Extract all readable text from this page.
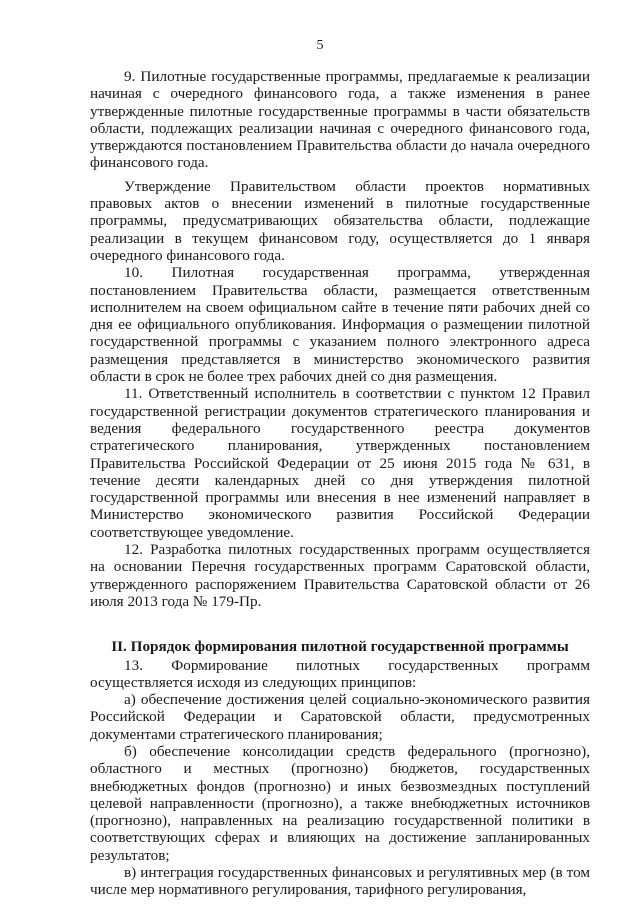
5

9. Пилотные государственные программы, предлагаемые к реализации начиная с очередного финансового года, а также изменения в ранее утвержденные пилотные государственные программы в части обязательств области, подлежащих реализации начиная с очередного финансового года, утверждаются постановлением Правительства области до начала очередного финансового года.

Утверждение Правительством области проектов нормативных правовых актов о внесении изменений в пилотные государственные программы, предусматривающих обязательства области, подлежащие реализации в текущем финансовом году, осуществляется до 1 января очередного финансового года.

10. Пилотная государственная программа, утвержденная постановлением Правительства области, размещается ответственным исполнителем на своем официальном сайте в течение пяти рабочих дней со дня ее официального опубликования. Информация о размещении пилотной государственной программы с указанием полного электронного адреса размещения представляется в министерство экономического развития области в срок не более трех рабочих дней со дня размещения.

11. Ответственный исполнитель в соответствии с пунктом 12 Правил государственной регистрации документов стратегического планирования и ведения федерального государственного реестра документов стратегического планирования, утвержденных постановлением Правительства Российской Федерации от 25 июня 2015 года № 631, в течение десяти календарных дней со дня утверждения пилотной государственной программы или внесения в нее изменений направляет в Министерство экономического развития Российской Федерации соответствующее уведомление.

12. Разработка пилотных государственных программ осуществляется на основании Перечня государственных программ Саратовской области, утвержденного распоряжением Правительства Саратовской области от 26 июля 2013 года № 179-Пр.

II. Порядок формирования пилотной государственной программы

13. Формирование пилотных государственных программ осуществляется исходя из следующих принципов:

а) обеспечение достижения целей социально-экономического развития Российской Федерации и Саратовской области, предусмотренных документами стратегического планирования;

б) обеспечение консолидации средств федерального (прогнозно), областного и местных (прогнозно) бюджетов, государственных внебюджетных фондов (прогнозно) и иных безвозмездных поступлений целевой направленности (прогнозно), а также внебюджетных источников (прогнозно), направленных на реализацию государственной политики в соответствующих сферах и влияющих на достижение запланированных результатов;

в) интеграция государственных финансовых и регулятивных мер (в том числе мер нормативного регулирования, тарифного регулирования,
